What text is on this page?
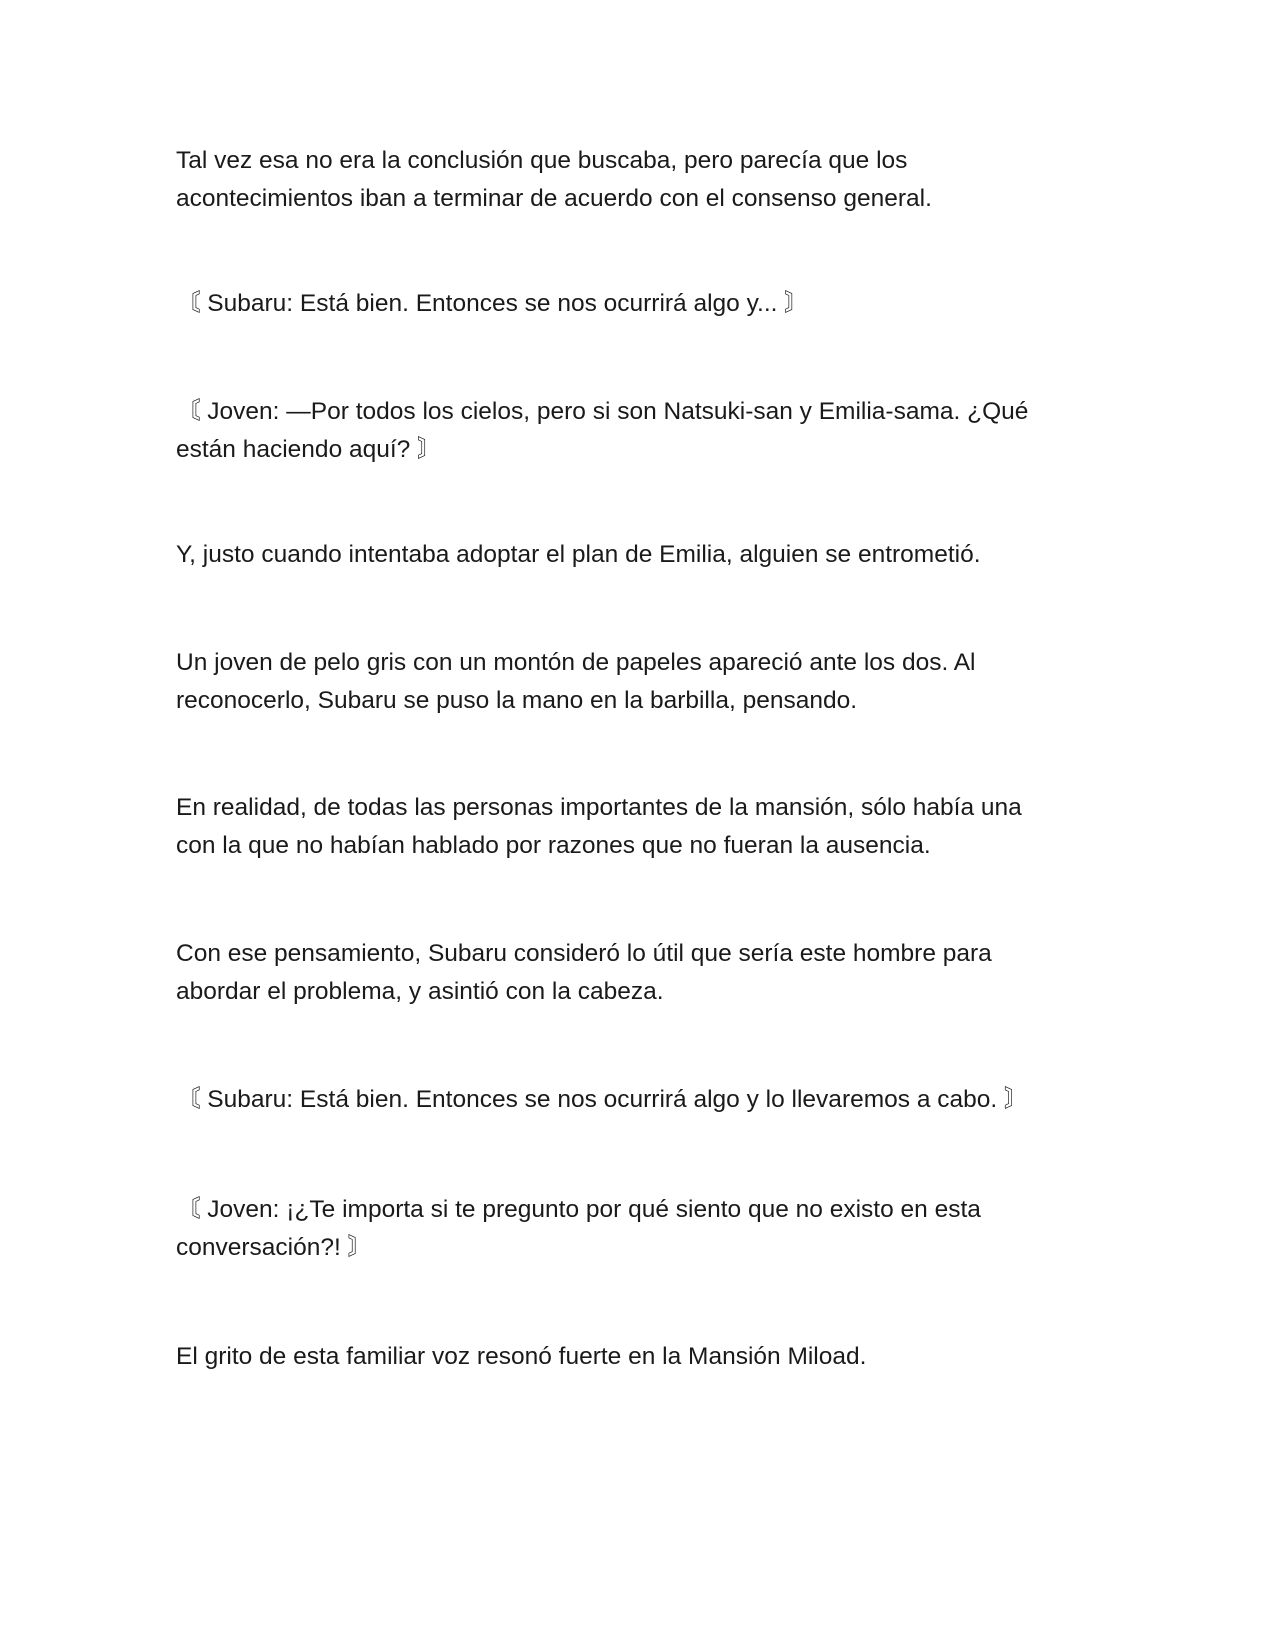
Tal vez esa no era la conclusión que buscaba, pero parecía que los
acontecimientos iban a terminar de acuerdo con el consenso general.

〘 Subaru: Está bien. Entonces se nos ocurrirá algo y... 〙

〘 Joven: —Por todos los cielos, pero si son Natsuki-san y Emilia-sama. ¿Qué
están haciendo aquí? 〙

Y, justo cuando intentaba adoptar el plan de Emilia, alguien se entrometió.

Un joven de pelo gris con un montón de papeles apareció ante los dos. Al
reconocerlo, Subaru se puso la mano en la barbilla, pensando.

En realidad, de todas las personas importantes de la mansión, sólo había una
con la que no habían hablado por razones que no fueran la ausencia.

Con ese pensamiento, Subaru consideró lo útil que sería este hombre para
abordar el problema, y asintió con la cabeza.

〘 Subaru: Está bien. Entonces se nos ocurrirá algo y lo llevaremos a cabo. 〙

〘 Joven: ¡¿Te importa si te pregunto por qué siento que no existo en esta
conversación?! 〙

El grito de esta familiar voz resonó fuerte en la Mansión Miload.
